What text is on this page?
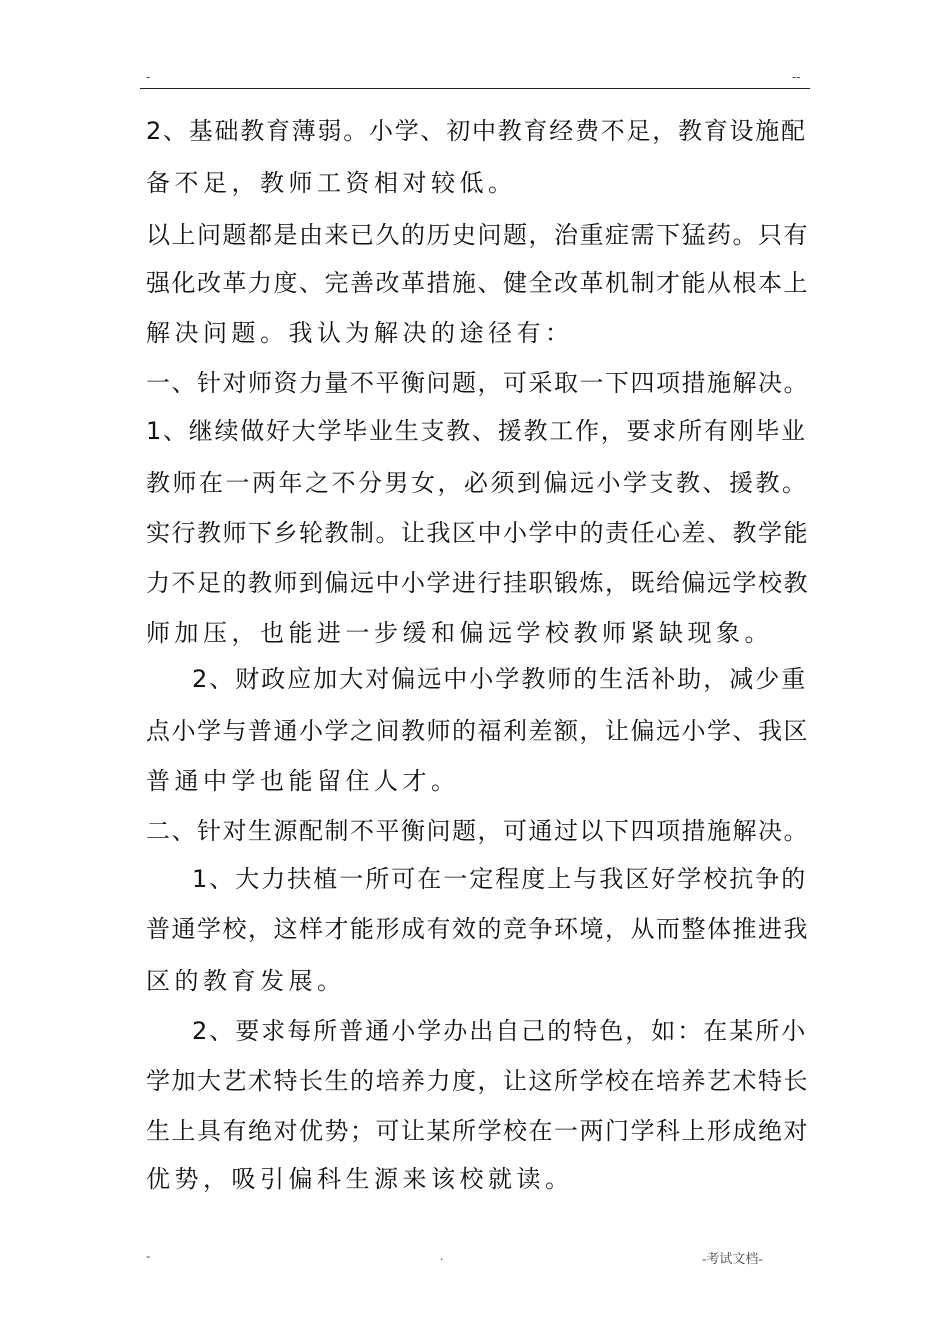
-	--
2、基础教育薄弱。小学、初中教育经费不足，教育设施配
备不足，教师工资相对较低。
以上问题都是由来已久的历史问题，治重症需下猛药。只有
强化改革力度、完善改革措施、健全改革机制才能从根本上
解决问题。我认为解决的途径有：
一、针对师资力量不平衡问题，可采取一下四项措施解决。
1、继续做好大学毕业生支教、援教工作，要求所有刚毕业
教师在一两年之不分男女，必须到偏远小学支教、援教。
实行教师下乡轮教制。让我区中小学中的责任心差、教学能
力不足的教师到偏远中小学进行挂职锻炼，既给偏远学校教
师加压，也能进一步缓和偏远学校教师紧缺现象。
2、财政应加大对偏远中小学教师的生活补助，减少重
点小学与普通小学之间教师的福利差额，让偏远小学、我区
普通中学也能留住人才。
二、针对生源配制不平衡问题，可通过以下四项措施解决。
1、大力扶植一所可在一定程度上与我区好学校抗争的
普通学校，这样才能形成有效的竞争环境，从而整体推进我
区的教育发展。
2、要求每所普通小学办出自己的特色，如：在某所小
学加大艺术特长生的培养力度，让这所学校在培养艺术特长
生上具有绝对优势；可让某所学校在一两门学科上形成绝对
优势，吸引偏科生源来该校就读。
-	.	-考试文档-
